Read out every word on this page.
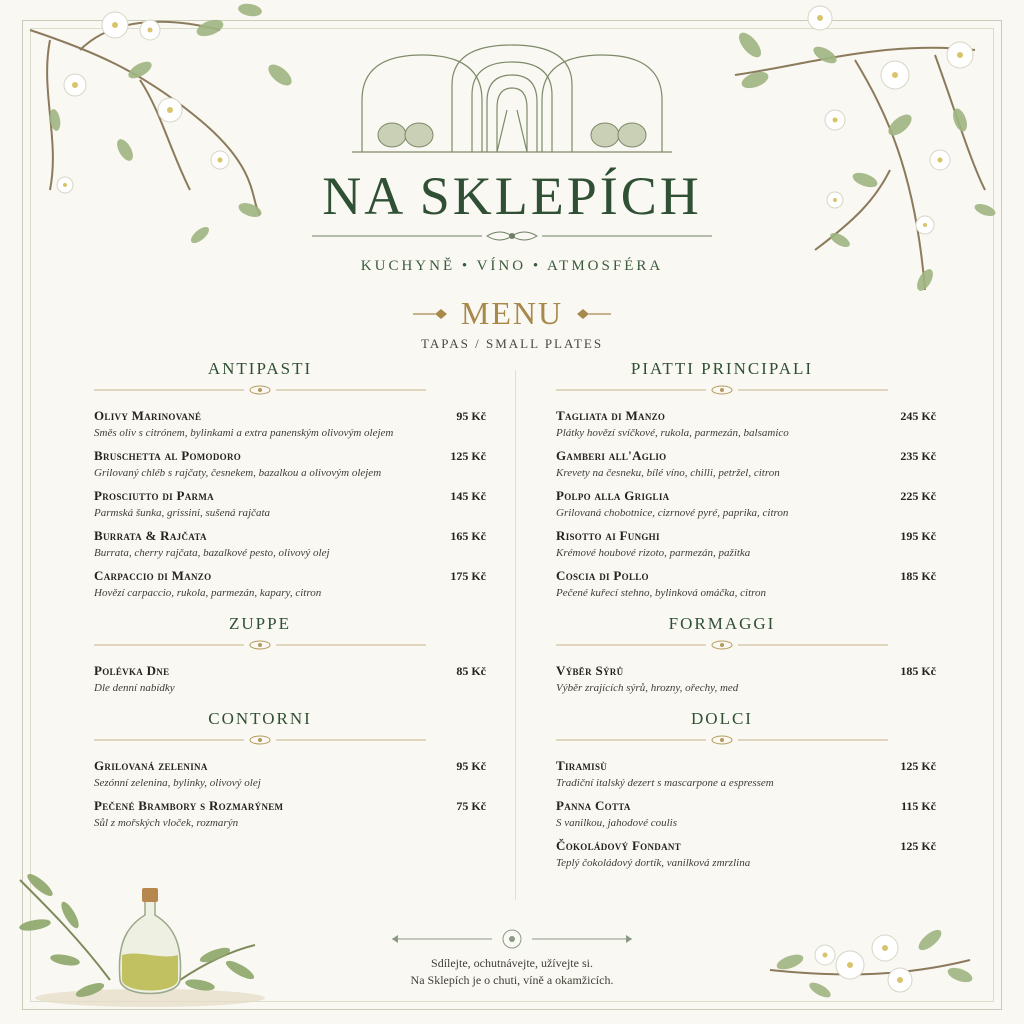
NA SKLEPÍCH
KUCHYNĚ • VÍNO • ATMOSFÉRA
MENU
TAPAS / SMALL PLATES
ANTIPASTI
Olivy Marinované	95 Kč
Směs oliv s citrónem, bylinkami a extra panenským olivovým olejem
Bruschetta al Pomodoro	125 Kč
Grilovaný chléb s rajčaty, česnekem, bazalkou a olivovým olejem
Prosciutto di Parma	145 Kč
Parmská šunka, grissini, sušená rajčata
Burrata & Rajčata	165 Kč
Burrata, cherry rajčata, bazalkové pesto, olivový olej
Carpaccio di Manzo	175 Kč
Hovězí carpaccio, rukola, parmezán, kapary, citron
ZUPPE
Polévka Dne	85 Kč
Dle denní nabídky
CONTORNI
Grilovaná zelenina	95 Kč
Sezónní zelenina, bylinky, olivový olej
Pečené Brambory s Rozmarýnem	75 Kč
Sůl z mořských vloček, rozmarýn
PIATTI PRINCIPALI
Tagliata di Manzo	245 Kč
Plátky hovězí svíčkové, rukola, parmezán, balsamico
Gamberi all'Aglio	235 Kč
Krevety na česneku, bílé víno, chilli, petržel, citron
Polpo alla Griglia	225 Kč
Grilovaná chobotnice, cizrnové pyré, paprika, citron
Risotto ai Funghi	195 Kč
Krémové houbové rizoto, parmezán, pažitka
Coscia di Pollo	185 Kč
Pečené kuřecí stehno, bylinková omáčka, citron
FORMAGGI
Výběr Sýrů	185 Kč
Výběr zrajících sýrů, hrozny, ořechy, med
DOLCI
Tiramisù	125 Kč
Tradiční italský dezert s mascarpone a espressem
Panna Cotta	115 Kč
S vanilkou, jahodové coulis
Čokoládový Fondant	125 Kč
Teplý čokoládový dortík, vanilková zmrzlina
Sdílejte, ochutnávejte, užívejte si.
Na Sklepích je o chuti, víně a okamžicích.
